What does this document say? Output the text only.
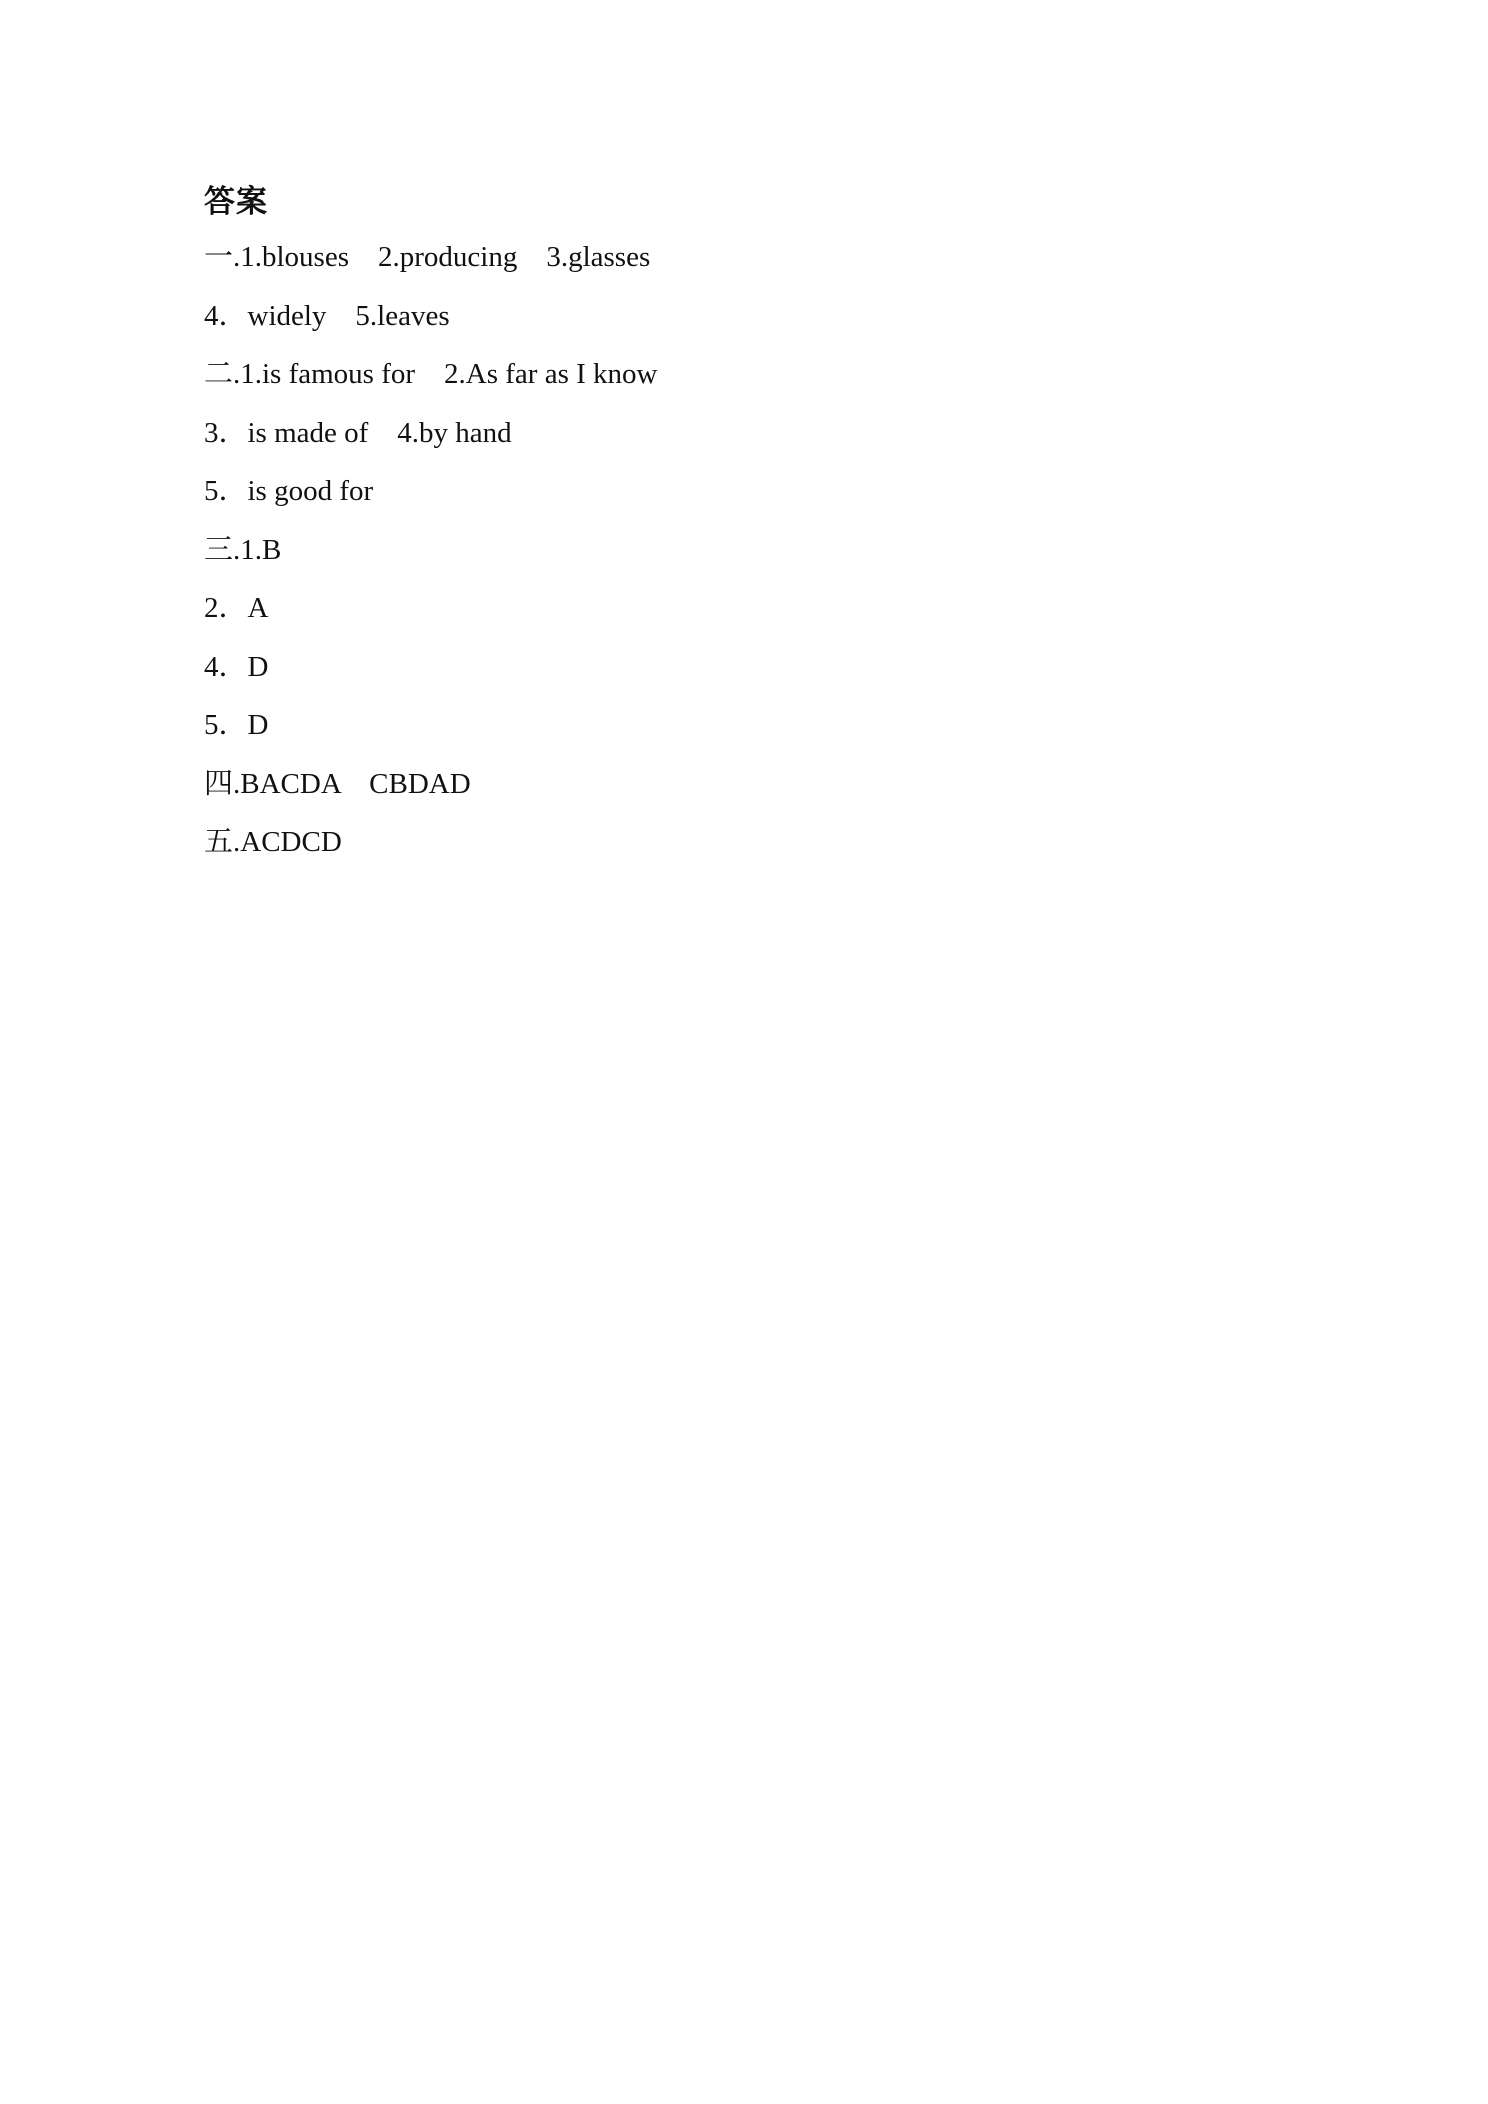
答案
一.1.blouses　2.producing　3.glasses
4．widely　5.leaves
二.1.is famous for　2.As far as I know
3．is made of　4.by hand
5．is good for
三.1.B
2．A
4．D
5．D
四.BACDA　CBDAD
五.ACDCD
